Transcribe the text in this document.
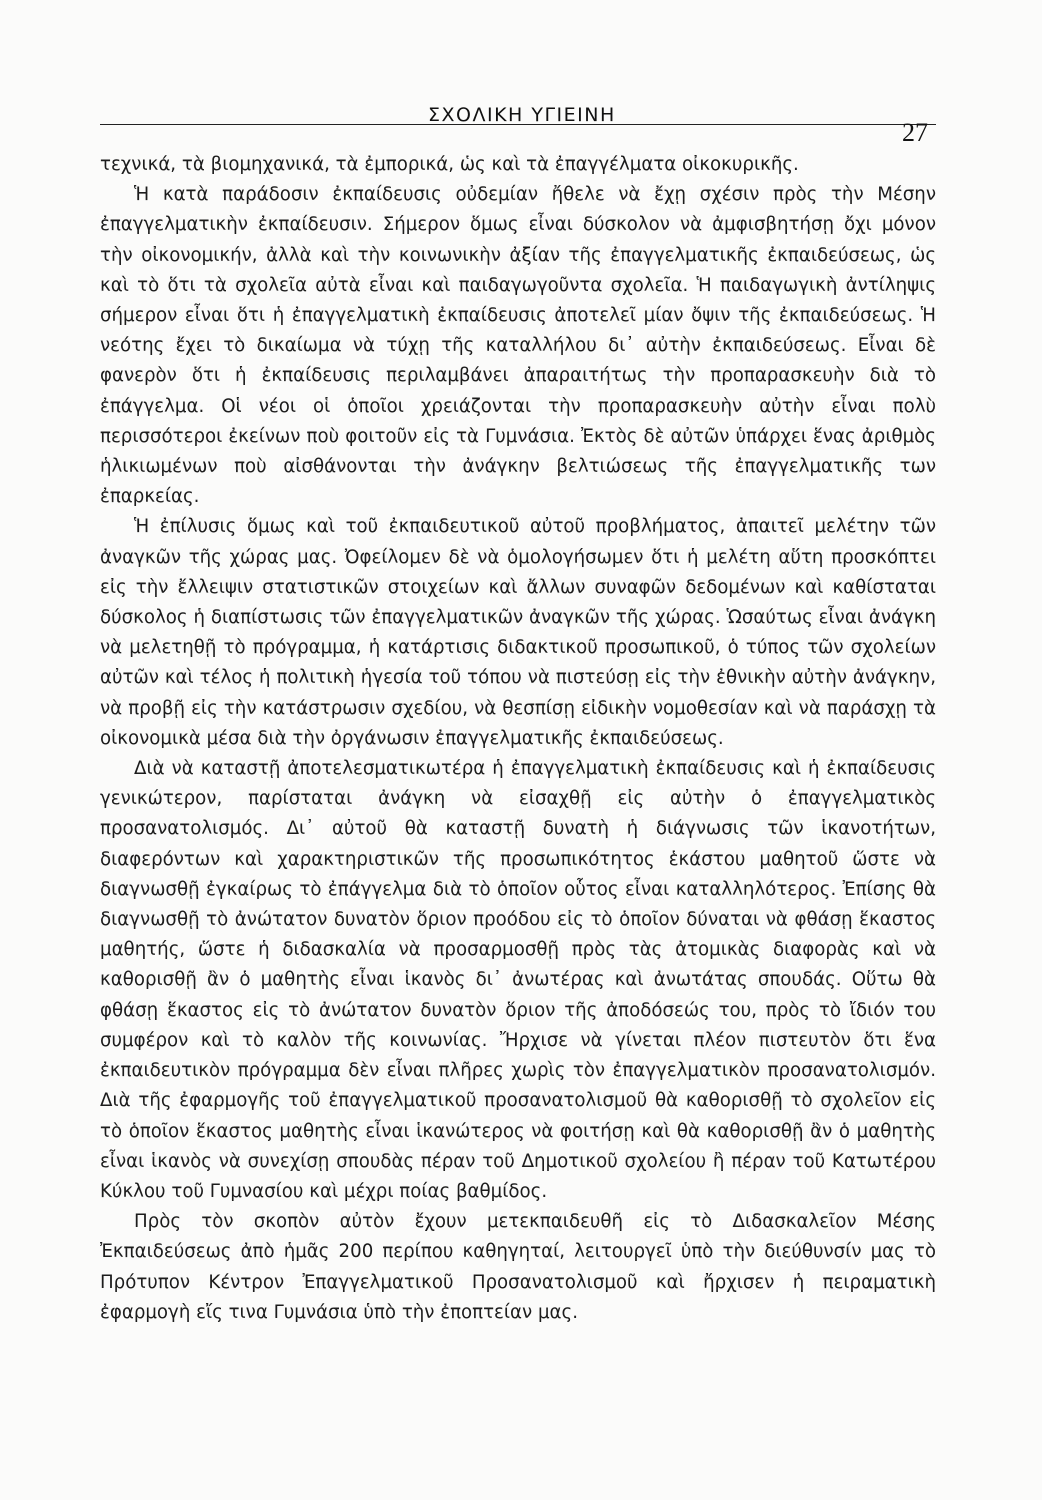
ΣΧΟΛΙΚΗ ΥΓΙΕΙΝΗ
27

τεχνικά, τὰ βιομηχανικά, τὰ ἐμπορικά, ὡς καὶ τὰ ἐπαγγέλματα οἰκοκυρικῆς.

Ἡ κατὰ παράδοσιν ἐκπαίδευσις οὐδεμίαν ἤθελε νὰ ἔχῃ σχέσιν πρὸς τὴν Μέσην ἐπαγγελματικὴν ἐκπαίδευσιν. Σήμερον ὅμως εἶναι δύσκολον νὰ ἀμφισβητήσῃ ὄχι μόνον τὴν οἰκονομικήν, ἀλλὰ καὶ τὴν κοινωνικὴν ἀξίαν τῆς ἐπαγγελματικῆς ἐκπαιδεύσεως, ὡς καὶ τὸ ὅτι τὰ σχολεῖα αὐτὰ εἶναι καὶ παιδαγωγοῦντα σχολεῖα. Ἡ παιδαγωγικὴ ἀντίληψις σήμερον εἶναι ὅτι ἡ ἐπαγγελματικὴ ἐκπαίδευσις ἀποτελεῖ μίαν ὄψιν τῆς ἐκπαιδεύσεως. Ἡ νεότης ἔχει τὸ δικαίωμα νὰ τύχῃ τῆς καταλλήλου δι᾽ αὐτὴν ἐκπαιδεύσεως. Εἶναι δὲ φανερὸν ὅτι ἡ ἐκπαίδευσις περιλαμβάνει ἀπαραιτήτως τὴν προπαρασκευὴν διὰ τὸ ἐπάγγελμα. Οἱ νέοι οἱ ὁποῖοι χρειάζονται τὴν προπαρασκευὴν αὐτὴν εἶναι πολὺ περισσότεροι ἐκείνων ποὺ φοιτοῦν εἰς τὰ Γυμνάσια. Ἐκτὸς δὲ αὐτῶν ὑπάρχει ἕνας ἀριθμὸς ἡλικιωμένων ποὺ αἰσθάνονται τὴν ἀνάγκην βελτιώσεως τῆς ἐπαγγελματικῆς των ἐπαρκείας.

Ἡ ἐπίλυσις ὅμως καὶ τοῦ ἐκπαιδευτικοῦ αὐτοῦ προβλήματος, ἀπαιτεῖ μελέτην τῶν ἀναγκῶν τῆς χώρας μας. Ὀφείλομεν δὲ νὰ ὁμολογήσωμεν ὅτι ἡ μελέτη αὕτη προσκόπτει εἰς τὴν ἔλλειψιν στατιστικῶν στοιχείων καὶ ἄλλων συναφῶν δεδομένων καὶ καθίσταται δύσκολος ἡ διαπίστωσις τῶν ἐπαγγελματικῶν ἀναγκῶν τῆς χώρας. Ὡσαύτως εἶναι ἀνάγκη νὰ μελετηθῇ τὸ πρόγραμμα, ἡ κατάρτισις διδακτικοῦ προσωπικοῦ, ὁ τύπος τῶν σχολείων αὐτῶν καὶ τέλος ἡ πολιτικὴ ἡγεσία τοῦ τόπου νὰ πιστεύσῃ εἰς τὴν ἐθνικὴν αὐτὴν ἀνάγκην, νὰ προβῇ εἰς τὴν κατάστρωσιν σχεδίου, νὰ θεσπίσῃ εἰδικὴν νομοθεσίαν καὶ νὰ παράσχῃ τὰ οἰκονομικὰ μέσα διὰ τὴν ὀργάνωσιν ἐπαγγελματικῆς ἐκπαιδεύσεως.

Διὰ νὰ καταστῇ ἀποτελεσματικωτέρα ἡ ἐπαγγελματικὴ ἐκπαίδευσις καὶ ἡ ἐκπαίδευσις γενικώτερον, παρίσταται ἀνάγκη νὰ εἰσαχθῇ εἰς αὐτὴν ὁ ἐπαγγελματικὸς προσανατολισμός. Δι᾽ αὐτοῦ θὰ καταστῇ δυνατὴ ἡ διάγνωσις τῶν ἱκανοτήτων, διαφερόντων καὶ χαρακτηριστικῶν τῆς προσωπικότητος ἑκάστου μαθητοῦ ὥστε νὰ διαγνωσθῇ ἐγκαίρως τὸ ἐπάγγελμα διὰ τὸ ὁποῖον οὗτος εἶναι καταλληλότερος. Ἐπίσης θὰ διαγνωσθῇ τὸ ἀνώτατον δυνατὸν ὅριον προόδου εἰς τὸ ὁποῖον δύναται νὰ φθάσῃ ἕκαστος μαθητής, ὥστε ἡ διδασκαλία νὰ προσαρμοσθῇ πρὸς τὰς ἀτομικὰς διαφορὰς καὶ νὰ καθορισθῇ ἂν ὁ μαθητὴς εἶναι ἱκανὸς δι᾽ ἀνωτέρας καὶ ἀνωτάτας σπουδάς. Οὕτω θὰ φθάσῃ ἕκαστος εἰς τὸ ἀνώτατον δυνατὸν ὅριον τῆς ἀποδόσεώς του, πρὸς τὸ ἴδιόν του συμφέρον καὶ τὸ καλὸν τῆς κοινωνίας. Ἤρχισε νὰ γίνεται πλέον πιστευτὸν ὅτι ἕνα ἐκπαιδευτικὸν πρόγραμμα δὲν εἶναι πλῆρες χωρὶς τὸν ἐπαγγελματικὸν προσανατολισμόν. Διὰ τῆς ἐφαρμογῆς τοῦ ἐπαγγελματικοῦ προσανατολισμοῦ θὰ καθορισθῇ τὸ σχολεῖον εἰς τὸ ὁποῖον ἕκαστος μαθητὴς εἶναι ἱκανώτερος νὰ φοιτήσῃ καὶ θὰ καθορισθῇ ἂν ὁ μαθητὴς εἶναι ἱκανὸς νὰ συνεχίσῃ σπουδὰς πέραν τοῦ Δημοτικοῦ σχολείου ἢ πέραν τοῦ Κατωτέρου Κύκλου τοῦ Γυμνασίου καὶ μέχρι ποίας βαθμίδος.

Πρὸς τὸν σκοπὸν αὐτὸν ἔχουν μετεκπαιδευθῆ εἰς τὸ Διδασκαλεῖον Μέσης Ἐκπαιδεύσεως ἀπὸ ἡμᾶς 200 περίπου καθηγηταί, λειτουργεῖ ὑπὸ τὴν διεύθυνσίν μας τὸ Πρότυπον Κέντρον Ἐπαγγελματικοῦ Προσανατολισμοῦ καὶ ἤρχισεν ἡ πειραματικὴ ἐφαρμογὴ εἴς τινα Γυμνάσια ὑπὸ τὴν ἐποπτείαν μας.
